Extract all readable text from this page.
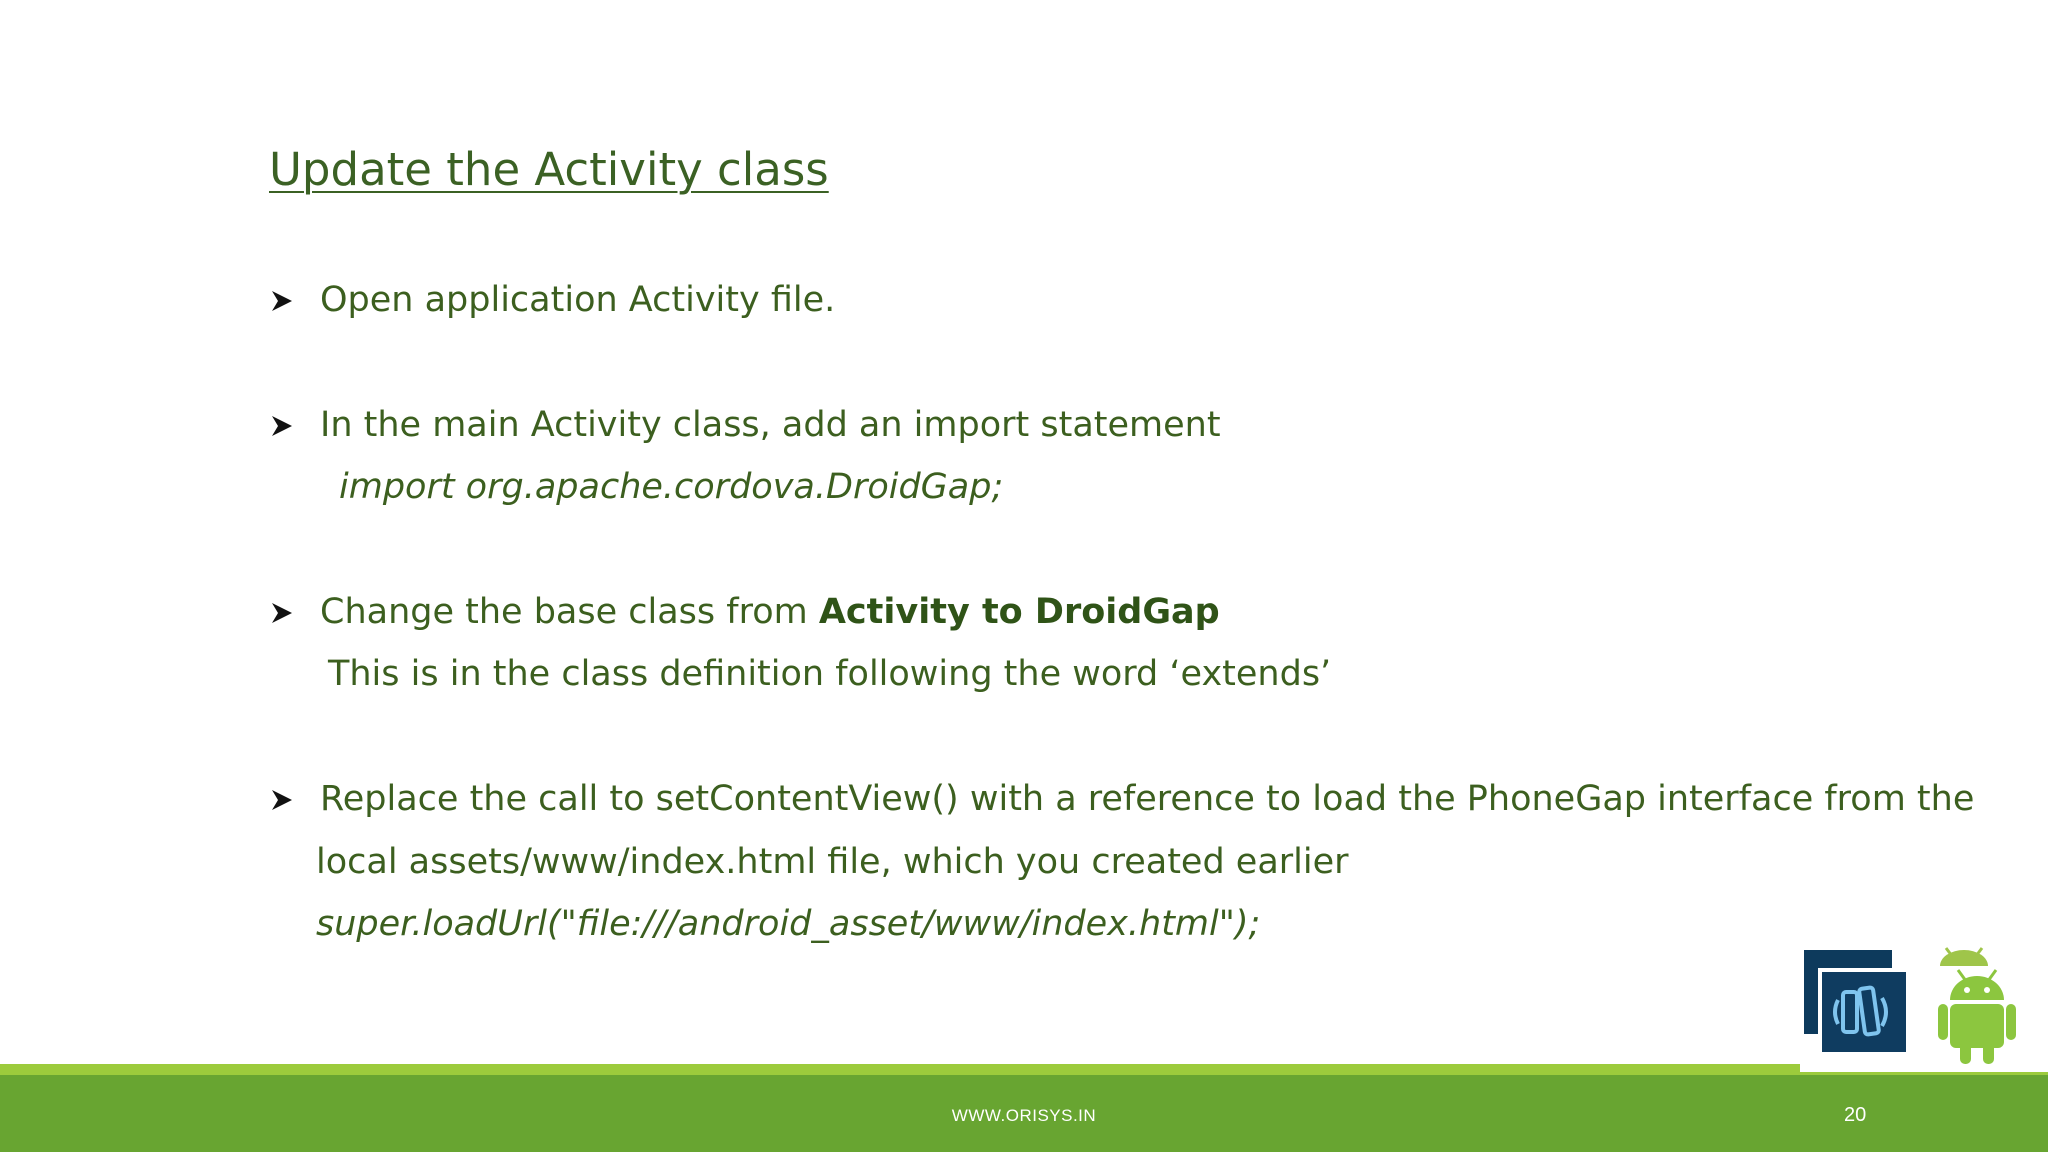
Update the Activity class
Open application Activity file.
In the main Activity class, add an import statement
import org.apache.cordova.DroidGap;
Change the base class from Activity to DroidGap
This is in the class definition following the word ‘extends’
Replace the call to setContentView() with a reference to load the PhoneGap interface from the
local assets/www/index.html file, which you created earlier
super.loadUrl("file:///android_asset/www/index.html");
WWW.ORISYS.IN	20
